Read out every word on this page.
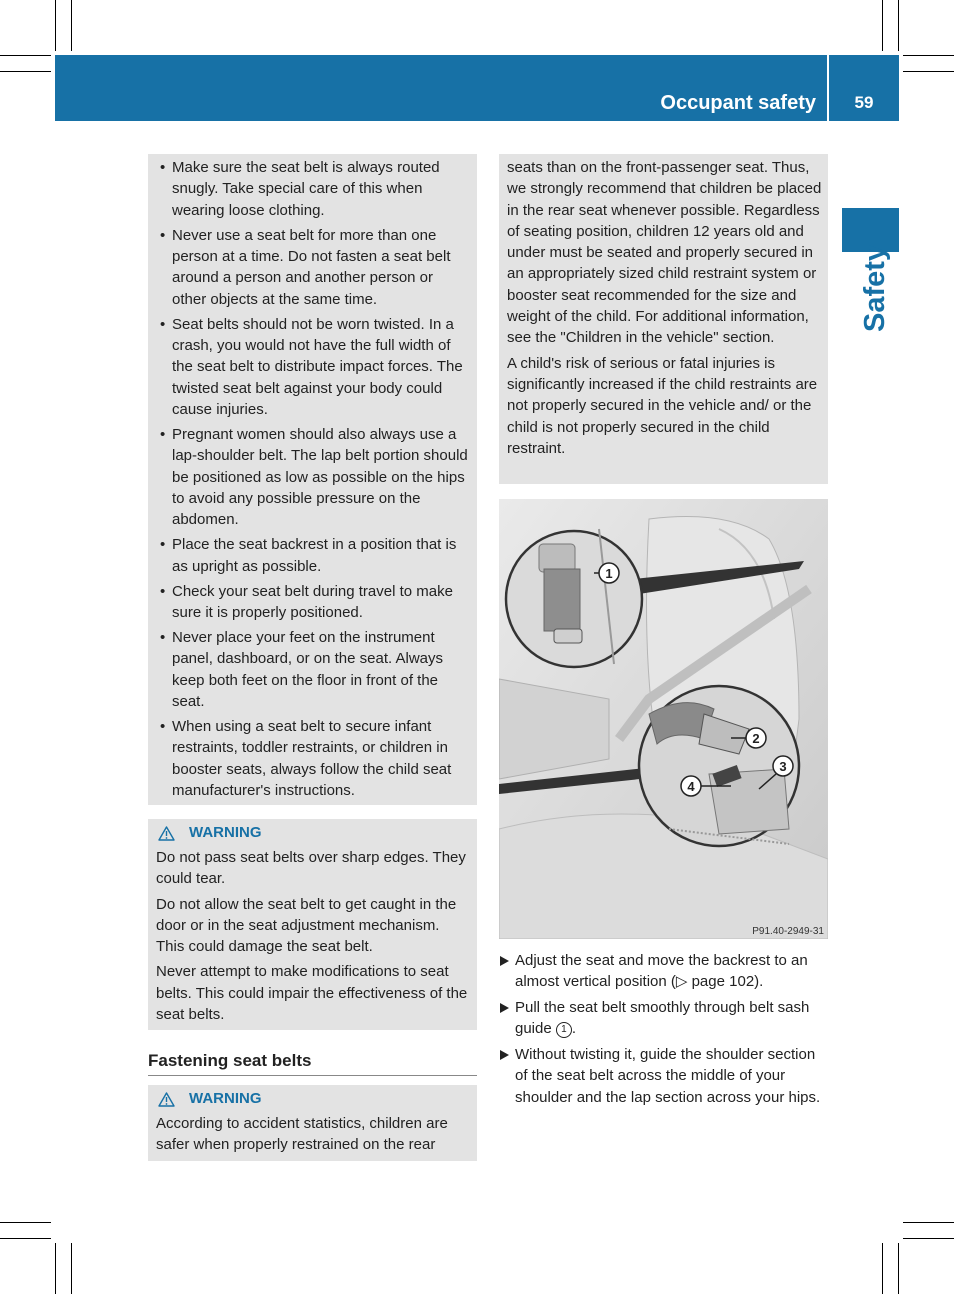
Occupant safety	59
Safety
• Make sure the seat belt is always routed snugly. Take special care of this when wearing loose clothing.
• Never use a seat belt for more than one person at a time. Do not fasten a seat belt around a person and another person or other objects at the same time.
• Seat belts should not be worn twisted. In a crash, you would not have the full width of the seat belt to distribute impact forces. The twisted seat belt against your body could cause injuries.
• Pregnant women should also always use a lap-shoulder belt. The lap belt portion should be positioned as low as possible on the hips to avoid any possible pressure on the abdomen.
• Place the seat backrest in a position that is as upright as possible.
• Check your seat belt during travel to make sure it is properly positioned.
• Never place your feet on the instrument panel, dashboard, or on the seat. Always keep both feet on the floor in front of the seat.
• When using a seat belt to secure infant restraints, toddler restraints, or children in booster seats, always follow the child seat manufacturer's instructions.
WARNING

Do not pass seat belts over sharp edges. They could tear.

Do not allow the seat belt to get caught in the door or in the seat adjustment mechanism. This could damage the seat belt.

Never attempt to make modifications to seat belts. This could impair the effectiveness of the seat belts.

Fastening seat belts
WARNING

According to accident statistics, children are safer when properly restrained on the rear

seats than on the front-passenger seat. Thus, we strongly recommend that children be placed in the rear seat whenever possible. Regardless of seating position, children 12 years old and under must be seated and properly secured in an appropriately sized child restraint system or booster seat recommended for the size and weight of the child. For additional information, see the "Children in the vehicle" section.

A child's risk of serious or fatal injuries is significantly increased if the child restraints are not properly secured in the vehicle and/ or the child is not properly secured in the child restraint.

1
2
3
4
P91.40-2949-31
Adjust the seat and move the backrest to an almost vertical position (▷ page 102).
Pull the seat belt smoothly through belt sash guide 1 .
Without twisting it, guide the shoulder section of the seat belt across the middle of your shoulder and the lap section across your hips.
